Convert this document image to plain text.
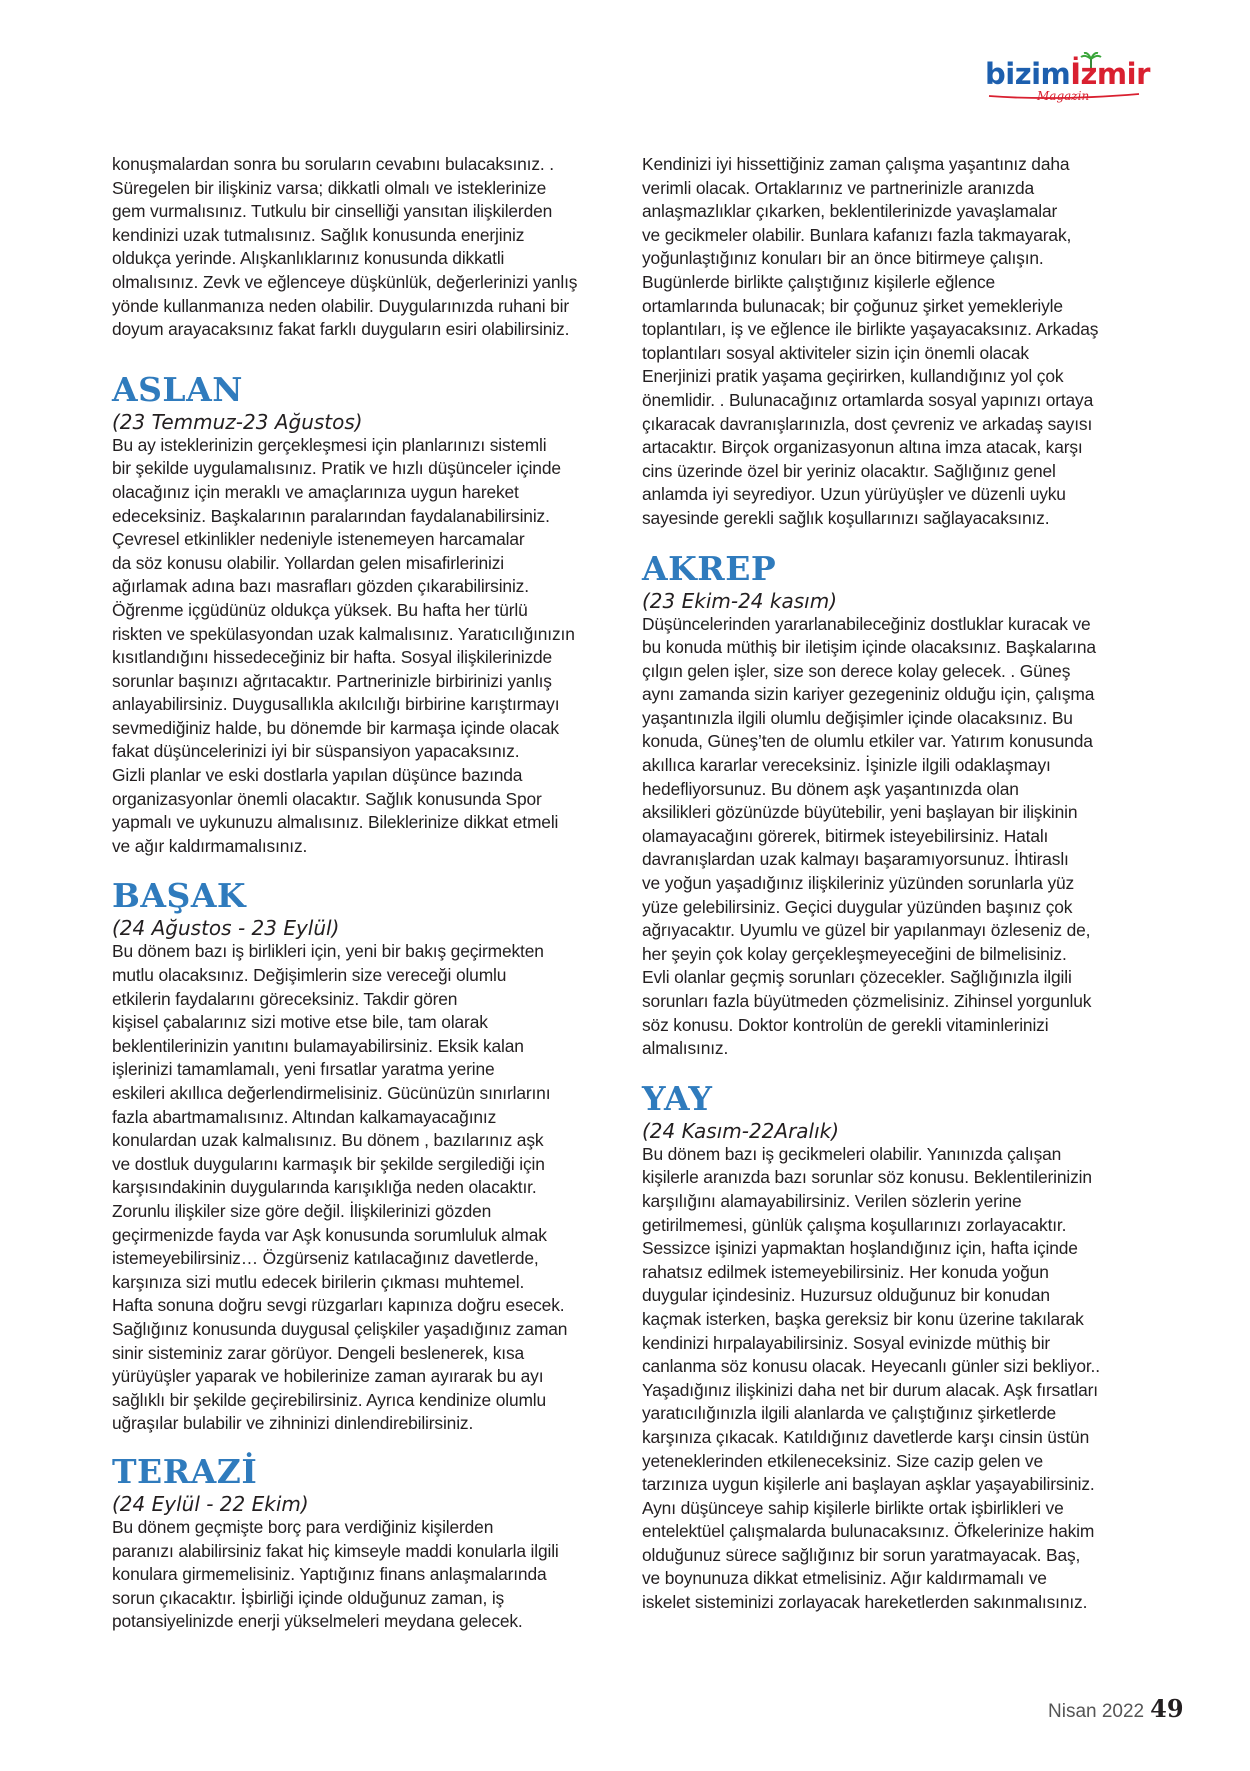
bizimİzmir
Magazin

konuşmalardan sonra bu soruların cevabını bulacaksınız. .
Süregelen bir ilişkiniz varsa; dikkatli olmalı ve isteklerinize
gem vurmalısınız. Tutkulu bir cinselliği yansıtan ilişkilerden
kendinizi uzak tutmalısınız. Sağlık konusunda enerjiniz
oldukça yerinde. Alışkanlıklarınız konusunda dikkatli
olmalısınız. Zevk ve eğlenceye düşkünlük, değerlerinizi yanlış
yönde kullanmanıza neden olabilir. Duygularınızda ruhani bir
doyum arayacaksınız fakat farklı duyguların esiri olabilirsiniz.

ASLAN

(23 Temmuz-23 Ağustos)

Bu ay isteklerinizin gerçekleşmesi için planlarınızı sistemli
bir şekilde uygulamalısınız. Pratik ve hızlı düşünceler içinde
olacağınız için meraklı ve amaçlarınıza uygun hareket
edeceksiniz. Başkalarının paralarından faydalanabilirsiniz.
Çevresel etkinlikler nedeniyle istenemeyen harcamalar
da söz konusu olabilir. Yollardan gelen misafirlerinizi
ağırlamak adına bazı masrafları gözden çıkarabilirsiniz.
Öğrenme içgüdünüz oldukça yüksek. Bu hafta her türlü
riskten ve spekülasyondan uzak kalmalısınız. Yaratıcılığınızın
kısıtlandığını hissedeceğiniz bir hafta. Sosyal ilişkilerinizde
sorunlar başınızı ağrıtacaktır. Partnerinizle birbirinizi yanlış
anlayabilirsiniz. Duygusallıkla akılcılığı birbirine karıştırmayı
sevmediğiniz halde, bu dönemde bir karmaşa içinde olacak
fakat düşüncelerinizi iyi bir süspansiyon yapacaksınız.
Gizli planlar ve eski dostlarla yapılan düşünce bazında
organizasyonlar önemli olacaktır. Sağlık konusunda Spor
yapmalı ve uykunuzu almalısınız. Bileklerinize dikkat etmeli
ve ağır kaldırmamalısınız.

BAŞAK

(24 Ağustos - 23 Eylül)

Bu dönem bazı iş birlikleri için, yeni bir bakış geçirmekten
mutlu olacaksınız. Değişimlerin size vereceği olumlu
etkilerin faydalarını göreceksiniz. Takdir gören
kişisel çabalarınız sizi motive etse bile, tam olarak
beklentilerinizin yanıtını bulamayabilirsiniz. Eksik kalan
işlerinizi tamamlamalı, yeni fırsatlar yaratma yerine
eskileri akıllıca değerlendirmelisiniz. Gücünüzün sınırlarını
fazla abartmamalısınız. Altından kalkamayacağınız
konulardan uzak kalmalısınız. Bu dönem , bazılarınız aşk
ve dostluk duygularını karmaşık bir şekilde sergilediği için
karşısındakinin duygularında karışıklığa neden olacaktır.
Zorunlu ilişkiler size göre değil. İlişkilerinizi gözden
geçirmenizde fayda var Aşk konusunda sorumluluk almak
istemeyebilirsiniz… Özgürseniz katılacağınız davetlerde,
karşınıza sizi mutlu edecek birilerin çıkması muhtemel.
Hafta sonuna doğru sevgi rüzgarları kapınıza doğru esecek.
Sağlığınız konusunda duygusal çelişkiler yaşadığınız zaman
sinir sisteminiz zarar görüyor. Dengeli beslenerek, kısa
yürüyüşler yaparak ve hobilerinize zaman ayırarak bu ayı
sağlıklı bir şekilde geçirebilirsiniz. Ayrıca kendinize olumlu
uğraşılar bulabilir ve zihninizi dinlendirebilirsiniz.

TERAZİ

(24 Eylül - 22 Ekim)

Bu dönem geçmişte borç para verdiğiniz kişilerden
paranızı alabilirsiniz fakat hiç kimseyle maddi konularla ilgili
konulara girmemelisiniz. Yaptığınız finans anlaşmalarında
sorun çıkacaktır. İşbirliği içinde olduğunuz zaman, iş
potansiyelinizde enerji yükselmeleri meydana gelecek.

Kendinizi iyi hissettiğiniz zaman çalışma yaşantınız daha
verimli olacak. Ortaklarınız ve partnerinizle aranızda
anlaşmazlıklar çıkarken, beklentilerinizde yavaşlamalar
ve gecikmeler olabilir. Bunlara kafanızı fazla takmayarak,
yoğunlaştığınız konuları bir an önce bitirmeye çalışın.
Bugünlerde birlikte çalıştığınız kişilerle eğlence
ortamlarında bulunacak; bir çoğunuz şirket yemekleriyle
toplantıları, iş ve eğlence ile birlikte yaşayacaksınız. Arkadaş
toplantıları sosyal aktiviteler sizin için önemli olacak
Enerjinizi pratik yaşama geçirirken, kullandığınız yol çok
önemlidir. . Bulunacağınız ortamlarda sosyal yapınızı ortaya
çıkaracak davranışlarınızla, dost çevreniz ve arkadaş sayısı
artacaktır. Birçok organizasyonun altına imza atacak, karşı
cins üzerinde özel bir yeriniz olacaktır. Sağlığınız genel
anlamda iyi seyrediyor. Uzun yürüyüşler ve düzenli uyku
sayesinde gerekli sağlık koşullarınızı sağlayacaksınız.

AKREP

(23 Ekim-24 kasım)

Düşüncelerinden yararlanabileceğiniz dostluklar kuracak ve
bu konuda müthiş bir iletişim içinde olacaksınız. Başkalarına
çılgın gelen işler, size son derece kolay gelecek. . Güneş
aynı zamanda sizin kariyer gezegeniniz olduğu için, çalışma
yaşantınızla ilgili olumlu değişimler içinde olacaksınız. Bu
konuda, Güneş’ten de olumlu etkiler var. Yatırım konusunda
akıllıca kararlar vereceksiniz. İşinizle ilgili odaklaşmayı
hedefliyorsunuz. Bu dönem aşk yaşantınızda olan
aksilikleri gözünüzde büyütebilir, yeni başlayan bir ilişkinin
olamayacağını görerek, bitirmek isteyebilirsiniz. Hatalı
davranışlardan uzak kalmayı başaramıyorsunuz. İhtiraslı
ve yoğun yaşadığınız ilişkileriniz yüzünden sorunlarla yüz
yüze gelebilirsiniz. Geçici duygular yüzünden başınız çok
ağrıyacaktır. Uyumlu ve güzel bir yapılanmayı özleseniz de,
her şeyin çok kolay gerçekleşmeyeceğini de bilmelisiniz.
Evli olanlar geçmiş sorunları çözecekler. Sağlığınızla ilgili
sorunları fazla büyütmeden çözmelisiniz. Zihinsel yorgunluk
söz konusu. Doktor kontrolün de gerekli vitaminlerinizi
almalısınız.

YAY

(24 Kasım-22Aralık)

Bu dönem bazı iş gecikmeleri olabilir. Yanınızda çalışan
kişilerle aranızda bazı sorunlar söz konusu. Beklentilerinizin
karşılığını alamayabilirsiniz. Verilen sözlerin yerine
getirilmemesi, günlük çalışma koşullarınızı zorlayacaktır.
Sessizce işinizi yapmaktan hoşlandığınız için, hafta içinde
rahatsız edilmek istemeyebilirsiniz. Her konuda yoğun
duygular içindesiniz. Huzursuz olduğunuz bir konudan
kaçmak isterken, başka gereksiz bir konu üzerine takılarak
kendinizi hırpalayabilirsiniz. Sosyal evinizde müthiş bir
canlanma söz konusu olacak. Heyecanlı günler sizi bekliyor..
Yaşadığınız ilişkinizi daha net bir durum alacak. Aşk fırsatları
yaratıcılığınızla ilgili alanlarda ve çalıştığınız şirketlerde
karşınıza çıkacak. Katıldığınız davetlerde karşı cinsin üstün
yeteneklerinden etkileneceksiniz. Size cazip gelen ve
tarzınıza uygun kişilerle ani başlayan aşklar yaşayabilirsiniz.
Aynı düşünceye sahip kişilerle birlikte ortak işbirlikleri ve
entelektüel çalışmalarda bulunacaksınız. Öfkelerinize hakim
olduğunuz sürece sağlığınız bir sorun yaratmayacak. Baş,
ve boynunuza dikkat etmelisiniz. Ağır kaldırmamalı ve
iskelet sisteminizi zorlayacak hareketlerden sakınmalısınız.

Nisan 2022 49
